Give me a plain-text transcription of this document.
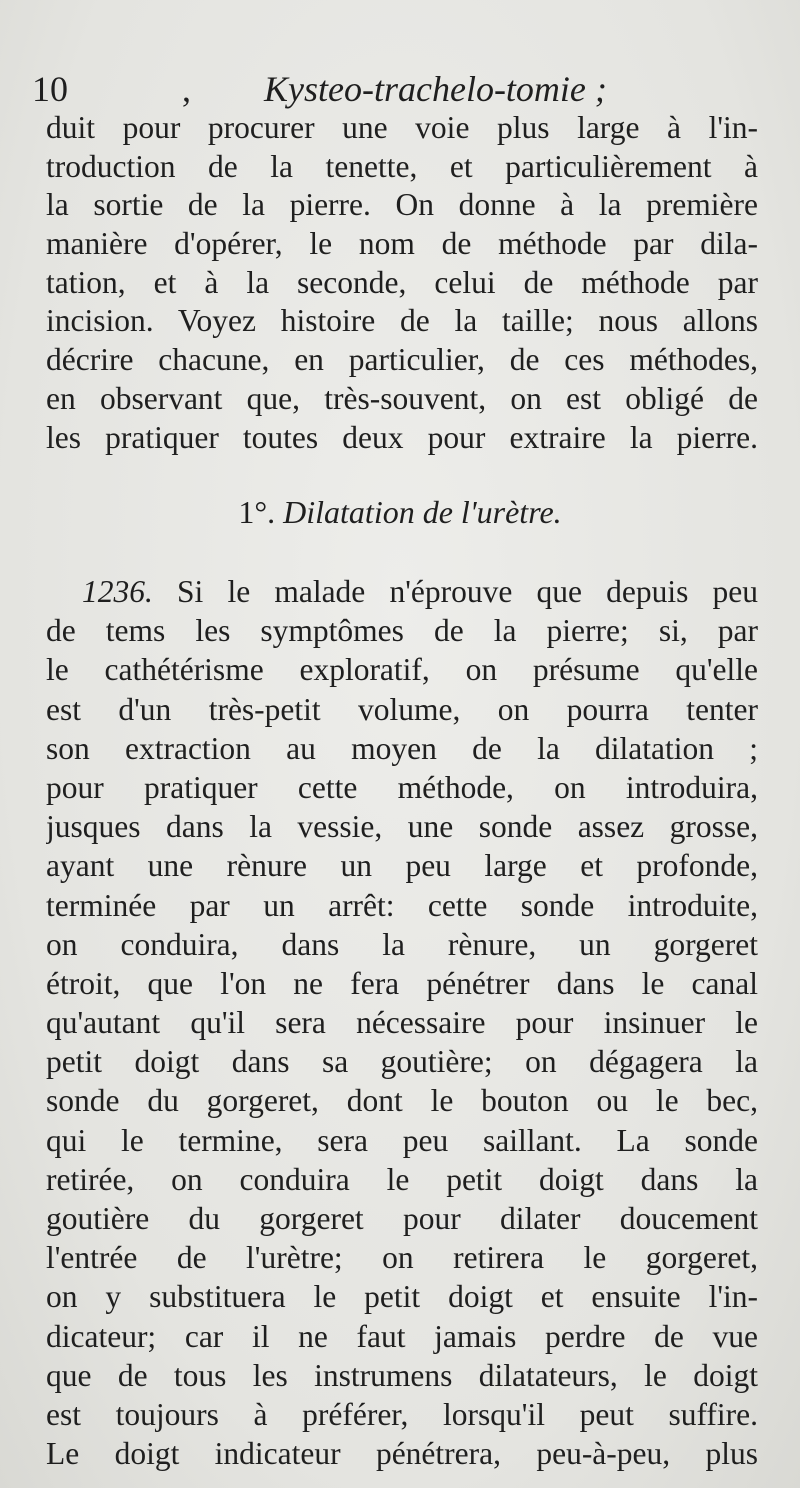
10	, Kysteo-trachelo-tomie ;
duit pour procurer une voie plus large à l'in-
troduction de la tenette, et particulièrement à
la sortie de la pierre. On donne à la première
manière d'opérer, le nom de méthode par dila-
tation, et à la seconde, celui de méthode par
incision. Voyez histoire de la taille; nous allons
décrire chacune, en particulier, de ces méthodes,
en observant que, très-souvent, on est obligé de
les pratiquer toutes deux pour extraire la pierre.
1°. Dilatation de l'urètre.
1236. Si le malade n'éprouve que depuis peu
de tems les symptômes de la pierre; si, par
le cathétérisme exploratif, on présume qu'elle
est d'un très-petit volume, on pourra tenter
son extraction au moyen de la dilatation ;
pour pratiquer cette méthode, on introduira,
jusques dans la vessie, une sonde assez grosse,
ayant une rènure un peu large et profonde,
terminée par un arrêt: cette sonde introduite,
on conduira, dans la rènure, un gorgeret
étroit, que l'on ne fera pénétrer dans le canal
qu'autant qu'il sera nécessaire pour insinuer le
petit doigt dans sa goutière; on dégagera la
sonde du gorgeret, dont le bouton ou le bec,
qui le termine, sera peu saillant. La sonde
retirée, on conduira le petit doigt dans la
goutière du gorgeret pour dilater doucement
l'entrée de l'urètre; on retirera le gorgeret,
on y substituera le petit doigt et ensuite l'in-
dicateur; car il ne faut jamais perdre de vue
que de tous les instrumens dilatateurs, le doigt
est toujours à préférer, lorsqu'il peut suffire.
Le doigt indicateur pénétrera, peu-à-peu, plus
